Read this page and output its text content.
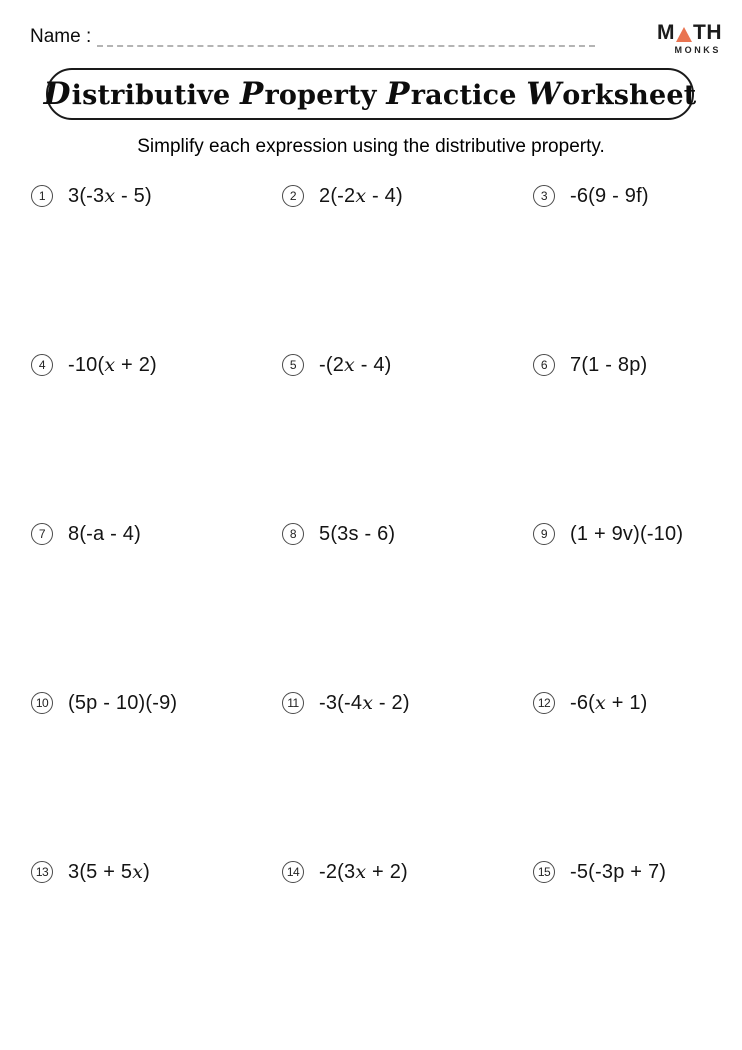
Name :	M TH
MONKS
Distributive Property Practice Worksheet
Simplify each expression using the distributive property.
1	3(-3x - 5)	2	2(-2x - 4)	3	-6(9 - 9f)
4	-10(x + 2)	5	-(2x - 4)	6	7(1 - 8p)
7	8(-a - 4)	8	5(3s - 6)	9	(1 + 9v)(-10)
10 (5p - 10)(-9)	11 -3(-4x - 2)	12 -6(x + 1)
13 3(5 + 5x)	14 -2(3x + 2)	15 -5(-3p + 7)
